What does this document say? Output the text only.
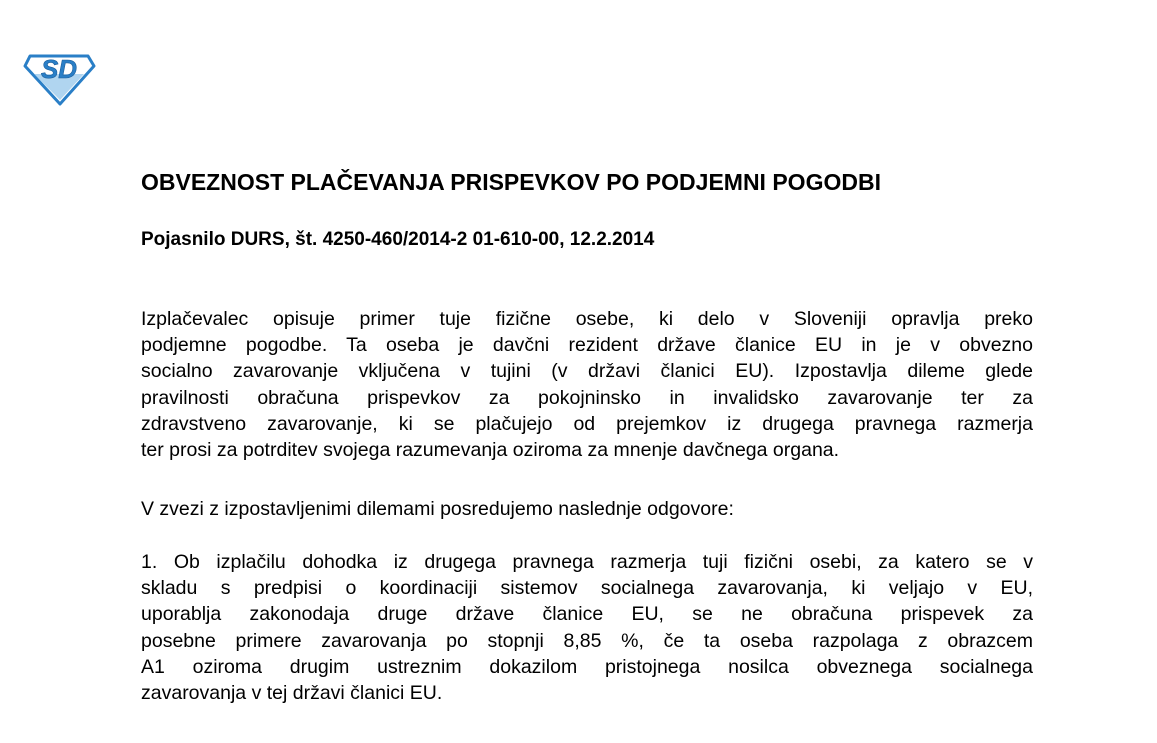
SD
OBVEZNOST PLAČEVANJA PRISPEVKOV PO PODJEMNI POGODBI
Pojasnilo DURS, št. 4250-460/2014-2 01-610-00, 12.2.2014

Izplačevalec opisuje primer tuje fizične osebe, ki delo v Sloveniji opravlja preko
podjemne pogodbe. Ta oseba je davčni rezident države članice EU in je v obvezno
socialno zavarovanje vključena v tujini (v državi članici EU). Izpostavlja dileme glede
pravilnosti obračuna prispevkov za pokojninsko in invalidsko zavarovanje ter za
zdravstveno zavarovanje, ki se plačujejo od prejemkov iz drugega pravnega razmerja
ter prosi za potrditev svojega razumevanja oziroma za mnenje davčnega organa.

V zvezi z izpostavljenimi dilemami posredujemo naslednje odgovore:

1. Ob izplačilu dohodka iz drugega pravnega razmerja tuji fizični osebi, za katero se v
skladu s predpisi o koordinaciji sistemov socialnega zavarovanja, ki veljajo v EU,
uporablja zakonodaja druge države članice EU, se ne obračuna prispevek za
posebne primere zavarovanja po stopnji 8,85 %, če ta oseba razpolaga z obrazcem
A1 oziroma drugim ustreznim dokazilom pristojnega nosilca obveznega socialnega
zavarovanja v tej državi članici EU.
